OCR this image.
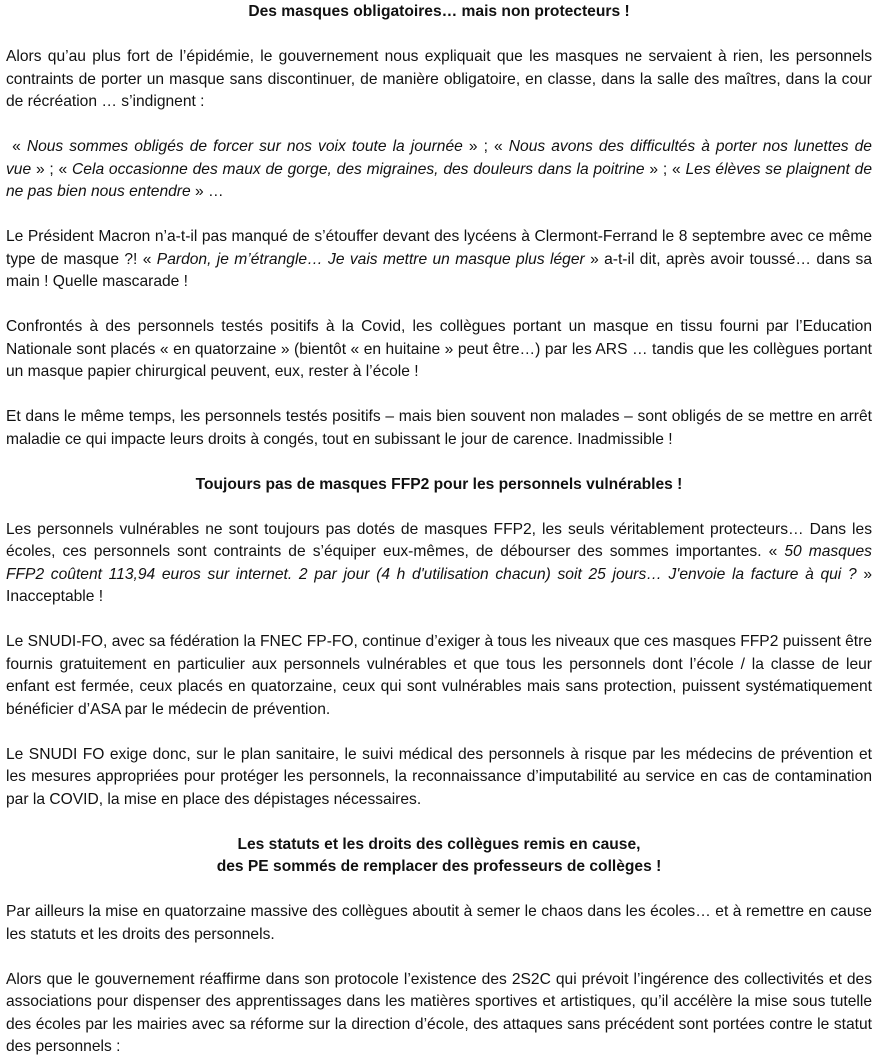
Des masques obligatoires… mais non protecteurs !

Alors qu’au plus fort de l’épidémie, le gouvernement nous expliquait que les masques ne servaient à rien, les personnels contraints de porter un masque sans discontinuer, de manière obligatoire, en classe, dans la salle des maîtres, dans la cour de récréation … s’indignent :

« Nous sommes obligés de forcer sur nos voix toute la journée » ; « Nous avons des difficultés à porter nos lunettes de vue » ; « Cela occasionne des maux de gorge, des migraines, des douleurs dans la poitrine » ; « Les élèves se plaignent de ne pas bien nous entendre » …

Le Président Macron n’a-t-il pas manqué de s’étouffer devant des lycéens à Clermont-Ferrand le 8 septembre avec ce même type de masque ?! « Pardon, je m’étrangle… Je vais mettre un masque plus léger » a-t-il dit, après avoir toussé… dans sa main ! Quelle mascarade !

Confrontés à des personnels testés positifs à la Covid, les collègues portant un masque en tissu fourni par l’Education Nationale sont placés « en quatorzaine » (bientôt « en huitaine » peut être…) par les ARS … tandis que les collègues portant un masque papier chirurgical peuvent, eux, rester à l’école !

Et dans le même temps, les personnels testés positifs – mais bien souvent non malades – sont obligés de se mettre en arrêt maladie ce qui impacte leurs droits à congés, tout en subissant le jour de carence. Inadmissible !

Toujours pas de masques FFP2 pour les personnels vulnérables !

Les personnels vulnérables ne sont toujours pas dotés de masques FFP2, les seuls véritablement protecteurs… Dans les écoles, ces personnels sont contraints de s’équiper eux-mêmes, de débourser des sommes importantes. « 50 masques FFP2 coûtent 113,94 euros sur internet. 2 par jour (4 h d'utilisation chacun) soit 25 jours… J'envoie la facture à qui ? » Inacceptable !

Le SNUDI-FO, avec sa fédération la FNEC FP-FO, continue d’exiger à tous les niveaux que ces masques FFP2 puissent être fournis gratuitement en particulier aux personnels vulnérables et que tous les personnels dont l’école / la classe de leur enfant est fermée, ceux placés en quatorzaine, ceux qui sont vulnérables mais sans protection, puissent systématiquement bénéficier d’ASA par le médecin de prévention.

Le SNUDI FO exige donc, sur le plan sanitaire, le suivi médical des personnels à risque par les médecins de prévention et les mesures appropriées pour protéger les personnels, la reconnaissance d’imputabilité au service en cas de contamination par la COVID, la mise en place des dépistages nécessaires.

Les statuts et les droits des collègues remis en cause,
des PE sommés de remplacer des professeurs de collèges !

Par ailleurs la mise en quatorzaine massive des collègues aboutit à semer le chaos dans les écoles… et à remettre en cause les statuts et les droits des personnels.

Alors que le gouvernement réaffirme dans son protocole l’existence des 2S2C qui prévoit l’ingérence des collectivités et des associations pour dispenser des apprentissages dans les matières sportives et artistiques, qu’il accélère la mise sous tutelle des écoles par les mairies avec sa réforme sur la direction d’école, des attaques sans précédent sont portées contre le statut des personnels :
